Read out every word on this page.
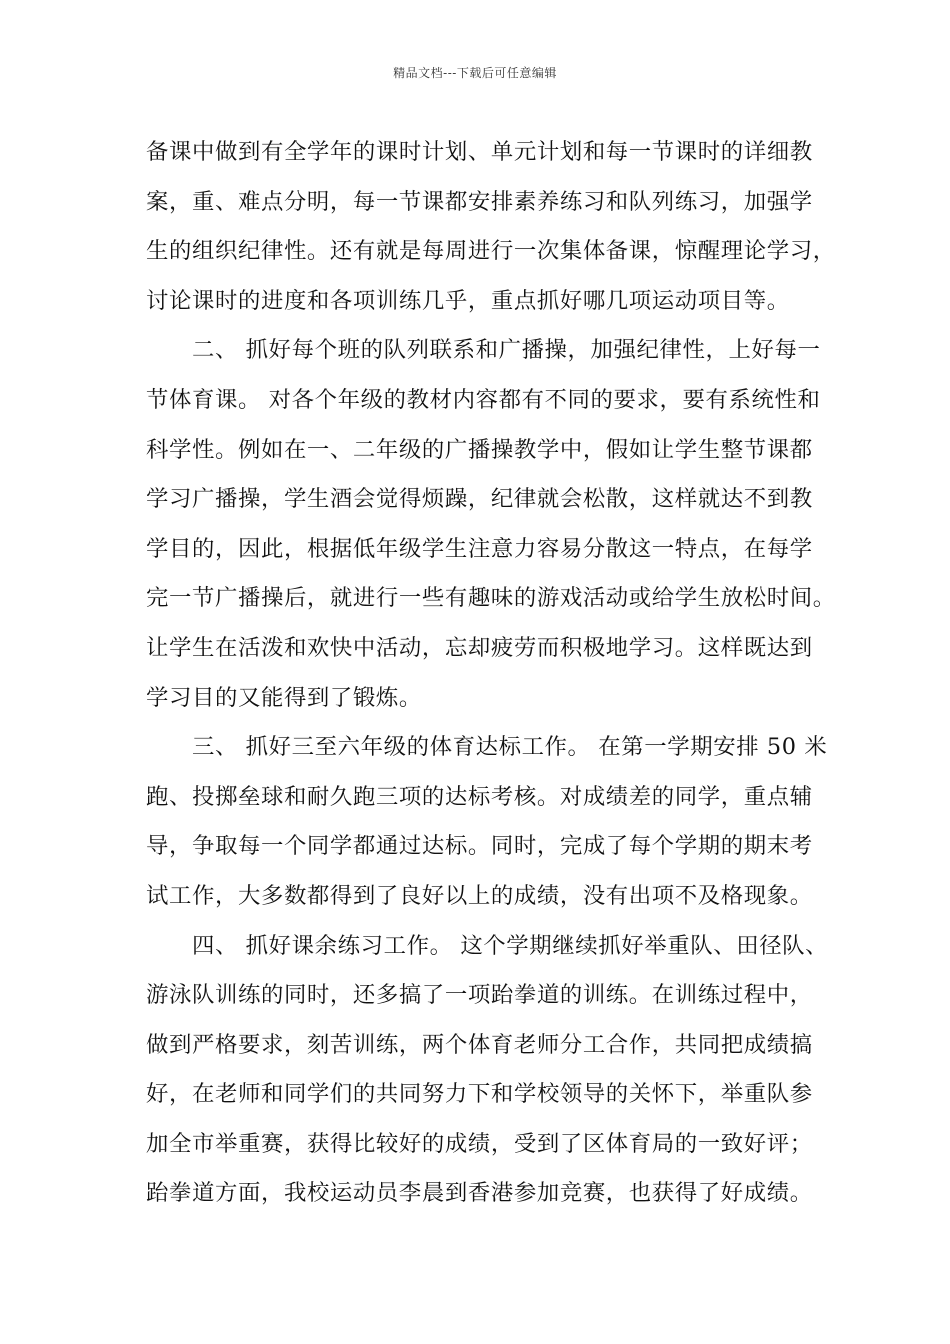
精品文档---下载后可任意编辑
备课中做到有全学年的课时计划、单元计划和每一节课时的详细教
案，重、难点分明，每一节课都安排素养练习和队列练习，加强学
生的组织纪律性。还有就是每周进行一次集体备课，惊醒理论学习，
讨论课时的进度和各项训练几乎，重点抓好哪几项运动项目等。
　　二、 抓好每个班的队列联系和广播操，加强纪律性，上好每一
节体育课。 对各个年级的教材内容都有不同的要求，要有系统性和
科学性。例如在一、二年级的广播操教学中，假如让学生整节课都
学习广播操，学生酒会觉得烦躁，纪律就会松散，这样就达不到教
学目的，因此，根据低年级学生注意力容易分散这一特点，在每学
完一节广播操后，就进行一些有趣味的游戏活动或给学生放松时间。
让学生在活泼和欢快中活动，忘却疲劳而积极地学习。这样既达到
学习目的又能得到了锻炼。
　　三、 抓好三至六年级的体育达标工作。 在第一学期安排 50 米
跑、投掷垒球和耐久跑三项的达标考核。对成绩差的同学，重点辅
导，争取每一个同学都通过达标。同时，完成了每个学期的期末考
试工作，大多数都得到了良好以上的成绩，没有出项不及格现象。
　　四、 抓好课余练习工作。 这个学期继续抓好举重队、田径队、
游泳队训练的同时，还多搞了一项跆拳道的训练。在训练过程中，
做到严格要求，刻苦训练，两个体育老师分工合作，共同把成绩搞
好，在老师和同学们的共同努力下和学校领导的关怀下，举重队参
加全市举重赛，获得比较好的成绩，受到了区体育局的一致好评；
跆拳道方面，我校运动员李晨到香港参加竞赛，也获得了好成绩。
